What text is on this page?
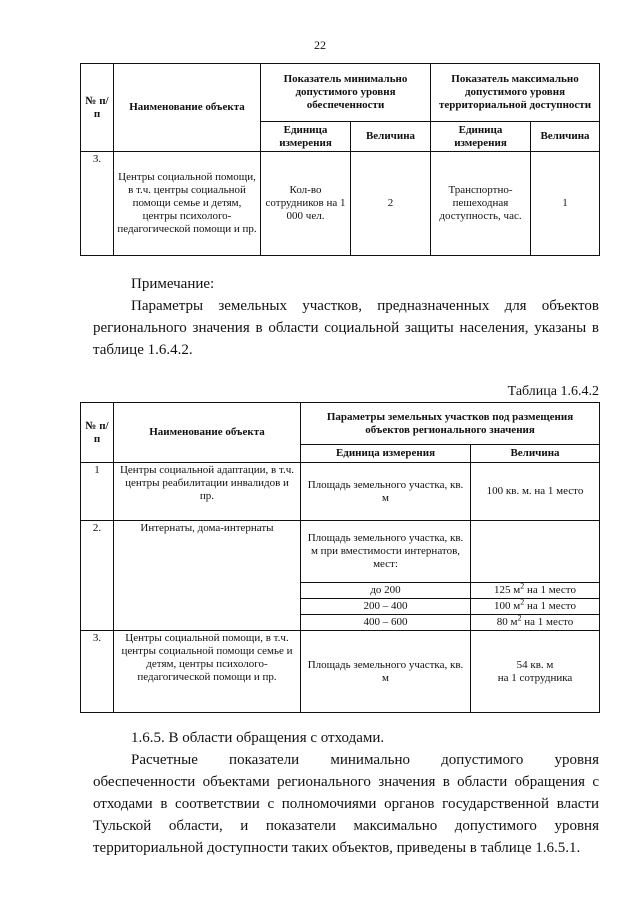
22
№ п/п	Наименование объекта	Показатель минимально допустимого уровня обеспеченности		Показатель максимально допустимого уровня территориальной доступности	
		Единица измерения	Величина	Единица измерения	Величина
3.	Центры социальной помощи, в т.ч. центры социальной помощи семье и детям, центры психолого-педагогической помощи и пр.	Кол-во сотрудников на 1 000 чел.	2	Транспортно-пешеходная доступность, час.	1

Примечание:

Параметры земельных участков, предназначенных для объектов

регионального значения в области социальной защиты населения, указаны в

таблице 1.6.4.2.

Таблица 1.6.4.2

№ п/п	Наименование объекта	Параметры земельных участков под размещения объектов регионального значения	
		Единица измерения	Величина
1	Центры социальной адаптации, в т.ч. центры реабилитации инвалидов и пр.	Площадь земельного участка, кв. м	100 кв. м. на 1 место
2.	Интернаты, дома-интернаты	Площадь земельного участка, кв. м при вместимости интернатов, мест:	
		до 200	125 $м^2$ на 1 место
		200 – 400	100 $м^2$ на 1 место
		400 – 600	80 $м^2$ на 1 место
3.	Центры социальной помощи, в т.ч. центры социальной помощи семье и детям, центры психолого-педагогической помощи и пр.	Площадь земельного участка, кв. м	54 кв. м
на 1 сотрудника

1.6.5. В области обращения с отходами.

Расчетные показатели минимально допустимого уровня

обеспеченности объектами регионального значения в области обращения с

отходами в соответствии с полномочиями органов государственной власти

Тульской области, и показатели максимально допустимого уровня

территориальной доступности таких объектов, приведены в таблице 1.6.5.1.
